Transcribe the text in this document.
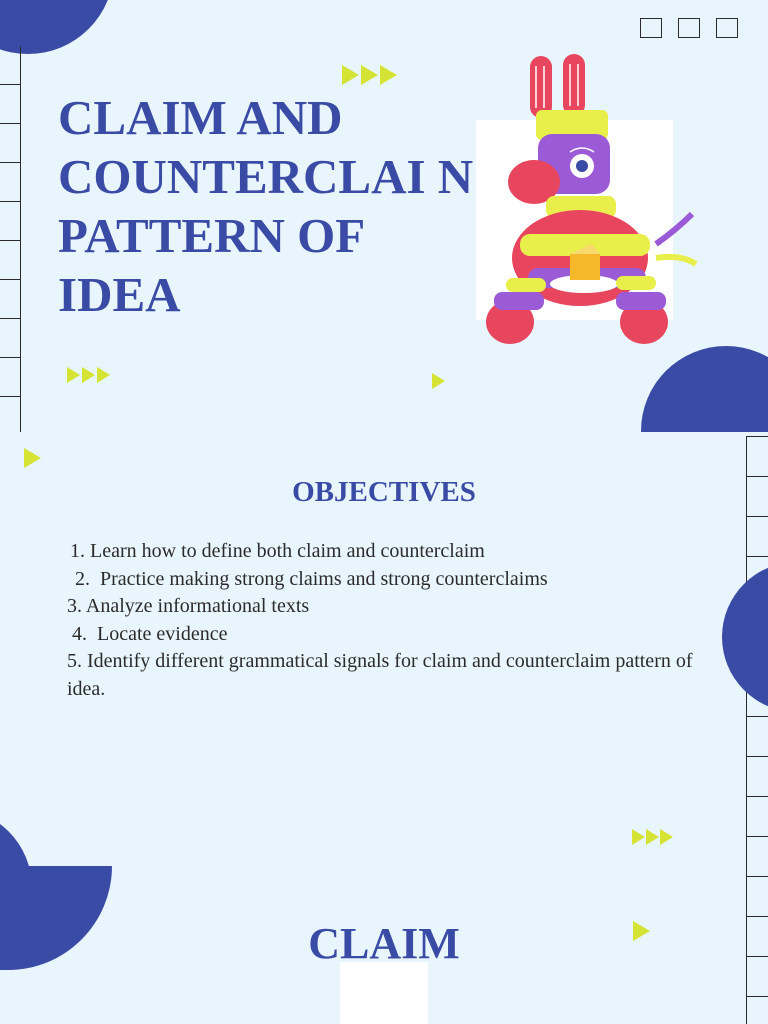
CLAIM AND COUNTERCLAI N PATTERN OF IDEA
OBJECTIVES
1. Learn how to define both claim and counterclaim
2.  Practice making strong claims and strong counterclaims
3. Analyze informational texts
4.  Locate evidence
5. Identify different grammatical signals for claim and counterclaim pattern of idea.
CLAIM
